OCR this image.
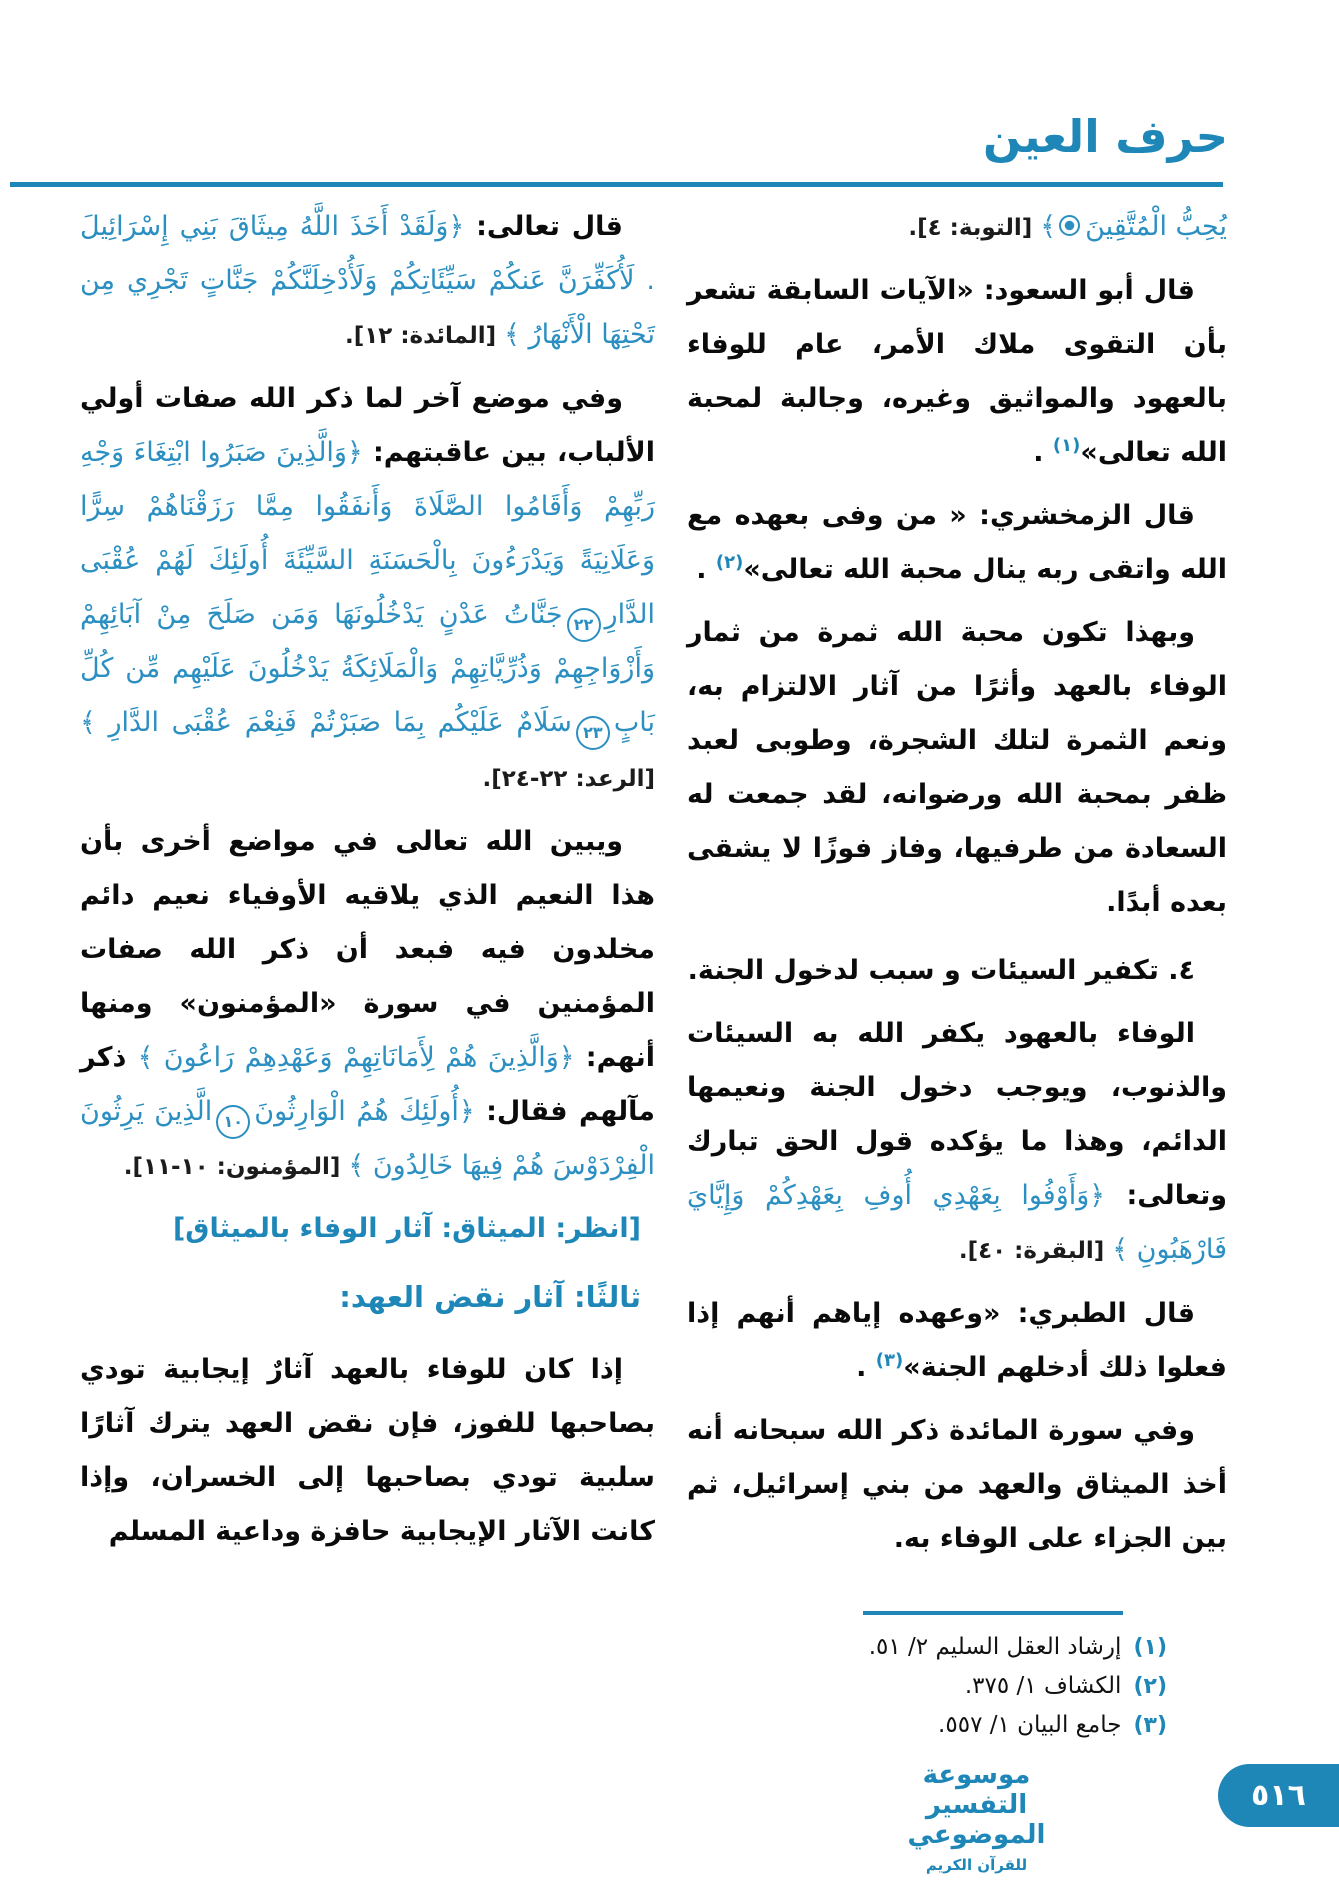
حرف العين

يُحِبُّ الْمُتَّقِينَ﴾ [التوبة: ٤].

قال أبو السعود: «الآيات السابقة تشعر بأن التقوى ملاك الأمر، عام للوفاء بالعهود والمواثيق وغيره، وجالبة لمحبة الله تعالى»$^{(١)}$ .

قال الزمخشري: « من وفى بعهده مع الله واتقى ربه ينال محبة الله تعالى»$^{(٢)}$ .

وبهذا تكون محبة الله ثمرة من ثمار الوفاء بالعهد وأثرًا من آثار الالتزام به، ونعم الثمرة لتلك الشجرة، وطوبى لعبد ظفر بمحبة الله ورضوانه، لقد جمعت له السعادة من طرفيها، وفاز فوزًا لا يشقى بعده أبدًا.

٤. تكفير السيئات و سبب لدخول الجنة.

الوفاء بالعهود يكفر الله به السيئات والذنوب، ويوجب دخول الجنة ونعيمها الدائم، وهذا ما يؤكده قول الحق تبارك وتعالى: ﴿وَأَوْفُوا بِعَهْدِي أُوفِ بِعَهْدِكُمْ وَإِيَّايَ فَارْهَبُونِ ﴾ [البقرة: ٤٠].

قال الطبري: «وعهده إياهم أنهم إذا فعلوا ذلك أدخلهم الجنة»$^{(٣)}$ .

وفي سورة المائدة ذكر الله سبحانه أنه أخذ الميثاق والعهد من بني إسرائيل، ثم بين الجزاء على الوفاء به.

قال تعالى: ﴿وَلَقَدْ أَخَذَ اللَّهُ مِيثَاقَ بَنِي إِسْرَائِيلَ . لَأُكَفِّرَنَّ عَنكُمْ سَيِّئَاتِكُمْ وَلَأُدْخِلَنَّكُمْ جَنَّاتٍ تَجْرِي مِن تَحْتِهَا الْأَنْهَارُ ﴾ [المائدة: ١٢].

وفي موضع آخر لما ذكر الله صفات أولي الألباب، بين عاقبتهم: ﴿وَالَّذِينَ صَبَرُوا ابْتِغَاءَ وَجْهِ رَبِّهِمْ وَأَقَامُوا الصَّلَاةَ وَأَنفَقُوا مِمَّا رَزَقْنَاهُمْ سِرًّا وَعَلَانِيَةً وَيَدْرَءُونَ بِالْحَسَنَةِ السَّيِّئَةَ أُولَئِكَ لَهُمْ عُقْبَى الدَّارِ٢٢جَنَّاتُ عَدْنٍ يَدْخُلُونَهَا وَمَن صَلَحَ مِنْ آبَائِهِمْ وَأَزْوَاجِهِمْ وَذُرِّيَّاتِهِمْ وَالْمَلَائِكَةُ يَدْخُلُونَ عَلَيْهِم مِّن كُلِّ بَابٍ٢٣سَلَامٌ عَلَيْكُم بِمَا صَبَرْتُمْ فَنِعْمَ عُقْبَى الدَّارِ ﴾ [الرعد: ٢٢-٢٤].

ويبين الله تعالى في مواضع أخرى بأن هذا النعيم الذي يلاقيه الأوفياء نعيم دائم مخلدون فيه فبعد أن ذكر الله صفات المؤمنين في سورة «المؤمنون» ومنها أنهم: ﴿وَالَّذِينَ هُمْ لِأَمَانَاتِهِمْ وَعَهْدِهِمْ رَاعُونَ ﴾ ذكر مآلهم فقال: ﴿أُولَئِكَ هُمُ الْوَارِثُونَ١٠الَّذِينَ يَرِثُونَ الْفِرْدَوْسَ هُمْ فِيهَا خَالِدُونَ ﴾ [المؤمنون: ١٠-١١].

[انظر: الميثاق: آثار الوفاء بالميثاق]

ثالثًا: آثار نقض العهد:

إذا كان للوفاء بالعهد آثارٌ إيجابية تودي بصاحبها للفوز، فإن نقض العهد يترك آثارًا سلبية تودي بصاحبها إلى الخسران، وإذا كانت الآثار الإيجابية حافزة وداعية المسلم

(١)
إرشاد العقل السليم ٢/ ٥١.
(٢)
الكشاف ١/ ٣٧٥.
(٣)
جامع البيان ١/ ٥٥٧.
موسوعة التفسير الموضوعي
للقرآن الكريم
٥١٦
